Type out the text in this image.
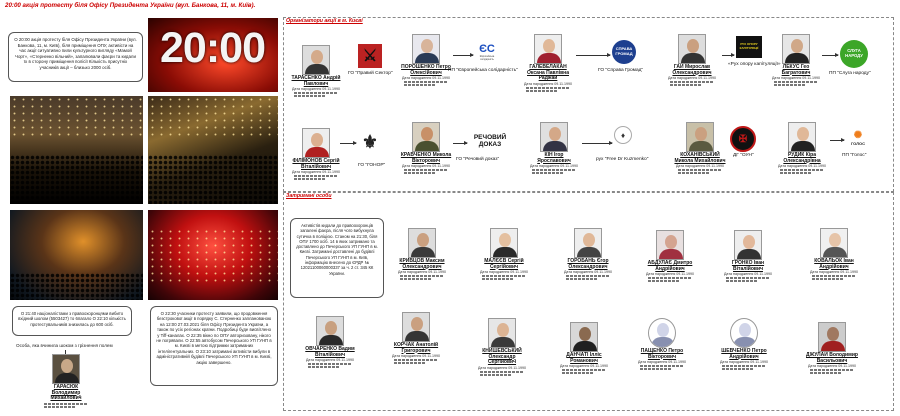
20:00 акція протесту біля Офісу Президента України (вул. Банкова, 11, м. Київ).
О 20:00 акція протесту біля Офісу Президента України (вул. Банкова, 11, м. Київ), біля приміщення ОПУ, активісти на час акції ситуативно пили культурного вигляду «Мамой Чорт», «Стерненко вільний», запалювали фаєри та кидали їх в сторону приміщення полісії Кількість присутніх учасників акції – близько 2000 осіб.	20:00
О 21:40 націоналістами з правоохоронцями вибито вхідний шолом (5503427) то 6пагало О 22:10 кількість протестувальників знизилась до 600 осіб.
О 22:30 учасники протесту заявили, що продовження безстрокової акції в порядку С. Стерненко запланованою на 12:00 27.03.2021 біля Офісу Президента України, а також по усіх регіонах країни. Подробиці буде висвітлено у Tiff-каналах. О 22:35 вікно по ОПУ авторизовану, нікого не погрявали. О 22:55 автобусом Печерського УП ГУНП в м. Києві в метою підтримки затриманих інтелігентуальних. О 23:10 затримані активісти вибули в адміністративній будівлі Печерського УП ГУНП в м. Києві, акцію завершено.
Особа, яка вчинила шоком з грізнення полем
ГАРАСЮК Володимир Михайлович
Організатори акції в м. Києві
ТАРАСЕНКО Андрій Павлович
Дата народження 09.11.1990
⚔
ГО "Правий Сектор"
ПОРОШЕНКО Петро Олексійович
Дата народження 09.11.1990
ЄС
Європейська солідарність
ПП "Європейська солідарність"
ГАЛЕВЕЛАКАН Оксана Павлівна Раджай
Дата народження 09.11.1990
СПРАВА ГРОМАД
ГО "Справа Громад"
ГАЙ Мирослав Олександрович
Дата народження 09.11.1990
РУХ ОПОРУ КАПІТУЛЯЦІЇ
«Рух опору капітуляції» ЛЕКУС Гео Багратович
Дата народження 09.11.1990
СЛУГА НАРОДУ
ПП "Слуга народу"
ФІЛІМОНОВ Сергій Віталійович
Дата народження 09.11.1990
⚜
ГО "ГОНОР"
КРАВЧЕНКО Микола Вікторович
Дата народження 09.11.1990
РЕЧОВИЙ ДОКАЗ
ГО "Речовий доказ"
КІН Ігор Ярославович
Дата народження 09.11.1990
♦
рух "Free Dr Kuzmenko"
КОХАНІВСЬКИЙ Микола Михайлович
Дата народження 09.11.1990
✠
ДГ "ОУН"	РУДИК Кіра Олександрівна
Дата народження 09.11.1990
✺
ГОЛОС
ПП "Голос"
Затримані особи
Активістів кидали до правоохоронців запалені фаєра, після чого вибухнула сутичка в поліцією. Станом на 21:30, біля ОПУ 1700 осіб. 14 в яких затримано та доставлено до Печерського УП ГУНП в м. Києві. Затримані доставлені до будівлі Печерського УП ГУНП в м. Київ, інформацію внесено до ЄРДР № 12021100060000337 за ч. 2 ст. 345 КК України.
КРИВЦОВ Максим Олександрович
Дата народження 09.11.1990
МАЛЄЄВ Сергій Сергійович
Дата народження 09.11.1990
ГОРОБАНЬ Єгор Олександрович
Дата народження 09.11.1990
АБДУЛАЄ Дмитро Андрійович
Дата народження 09.11.1990
ГРОНКО Іван Віталійович
Дата народження 09.11.1990
КОВАЛЬОК Іван Андрійович
Дата народження 09.11.1990
ОВЧАРЕНКО Вадим Віталійович
Дата народження 09.11.1990
КОРЧАК Анатолій Григорович
Дата народження 09.11.1990
КНИШЕВСЬКИЙ Олександр Сергійович
Дата народження 09.11.1990
ДАНЧАТІ Ілліс Романович
Дата народження 09.11.1990
ПАЩЕНКО Петро Вікторович
Дата народження 09.11.1990
ШЕВЧЕНКО Петро Андрійович
Дата народження 09.11.1990
ДЖУЛАЙ Володимир Васильович
Дата народження 09.11.1990
